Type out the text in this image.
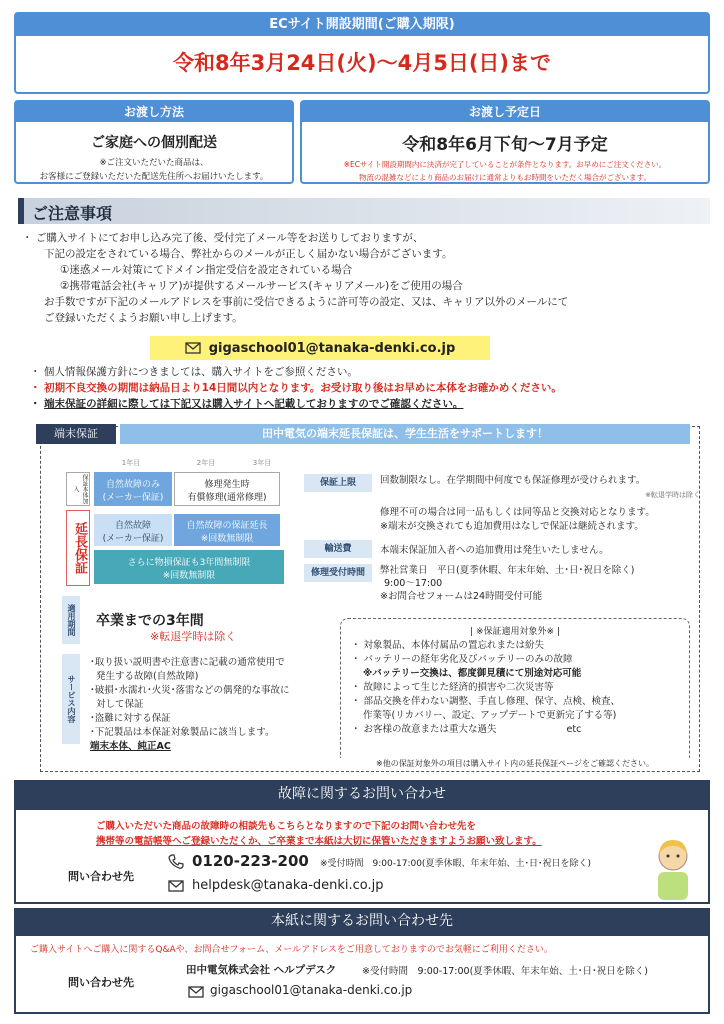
ECサイト開設期間(ご購入期限)
令和8年3月24日(火)～4月5日(日)まで
お渡し方法
ご家庭への個別配送
※ご注文いただいた商品は、
お客様にご登録いただいた配送先住所へお届けいたします。
お渡し予定日
令和8年6月下旬～7月予定
※ECサイト開設期間内に決済が完了していることが条件となります。お早めにご注文ください。
物流の混雑などにより商品のお届けに通常よりもお時間をいただく場合がございます。
ご注意事項
・ ご購入サイトにてお申し込み完了後、受付完了メール等をお送りしておりますが、
下記の設定をされている場合、弊社からのメールが正しく届かない場合がございます。
①迷惑メール対策にてドメイン指定受信を設定されている場合
②携帯電話会社(キャリア)が提供するメールサービス(キャリアメール)をご使用の場合
お手数ですが下記のメールアドレスを事前に受信できるように許可等の設定、又は、キャリア以外のメールにて
ご登録いただくようお願い申し上げます。
gigaschool01@tanaka-denki.co.jp
・ 個人情報保護方針につきましては、購入サイトをご参照ください。
・ 初期不良交換の期間は納品日より14日間以内となります。お受け取り後はお早めに本体をお確かめください。
・ 端末保証の詳細に際しては下記又は購入サイトへ記載しておりますのでご確認ください。
端末保証	田中電気の端末延長保証は、学生生活をサポートします！
1年目	2年目	3年目
保証本体加入
延長保証
自然故障のみ
(メーカー保証)
修理発生時
有償修理(通常修理)
自然故障
(メーカー保証)
自然故障の保証延長
※回数無制限
さらに物損保証も3年間無制限
※回数無制限
保証上限	回数制限なし。在学期間中何度でも保証修理が受けられます。
※転退学時は除く
修理不可の場合は同一品もしくは同等品と交換対応となります。
※端末が交換されても追加費用はなしで保証は継続されます。
輸送費	本端末保証加入者への追加費用は発生いたしません。
修理受付時間	弊社営業日　平日(夏季休暇、年末年始、土･日･祝日を除く)
9:00～17:00
※お問合せフォームは24時間受付可能
適用期間 卒業までの3年間
※転退学時は除く
サービス内容
･取り扱い説明書や注意書に記載の通常使用で
発生する故障(自然故障)
･破損･水濡れ･火災･落雷などの偶発的な事故に
対して保証
･盗難に対する保証
･下記製品は本保証対象製品に該当します。
端末本体、純正AC
| ※保証適用対象外※ |
・ 対象製品、本体付属品の置忘れまたは紛失
・ バッテリーの経年劣化及びバッテリーのみの故障
※バッテリー交換は、都度御見積にて別途対応可能
・ 故障によって生じた経済的損害や二次災害等
・ 部品交換を伴わない調整、手直し修理、保守、点検、検査、
作業等(リカバリー、設定、アップデートで更新完了する等)
・ お客様の故意または重大な過失	etc
※他の保証対象外の項目は購入サイト内の延長保証ページをご確認ください。
故障に関するお問い合わせ
ご購入いただいた商品の故障時の相談先もこちらとなりますので下記のお問い合わせ先を
携帯等の電話帳等へご登録いただくか、ご卒業まで本紙は大切に保管いただきますようお願い致します。
問い合わせ先
0120-223-200 ※受付時間　9:00-17:00(夏季休暇、年末年始、土･日･祝日を除く)
helpdesk@tanaka-denki.co.jp
本紙に関するお問い合わせ先
ご購入サイトへご購入に関するQ&Aや、お問合せフォーム、メールアドレスをご用意しておりますのでお気軽にご利用ください。
問い合わせ先
田中電気株式会社 ヘルプデスク	※受付時間　9:00-17:00(夏季休暇、年末年始、土･日･祝日を除く)
gigaschool01@tanaka-denki.co.jp
